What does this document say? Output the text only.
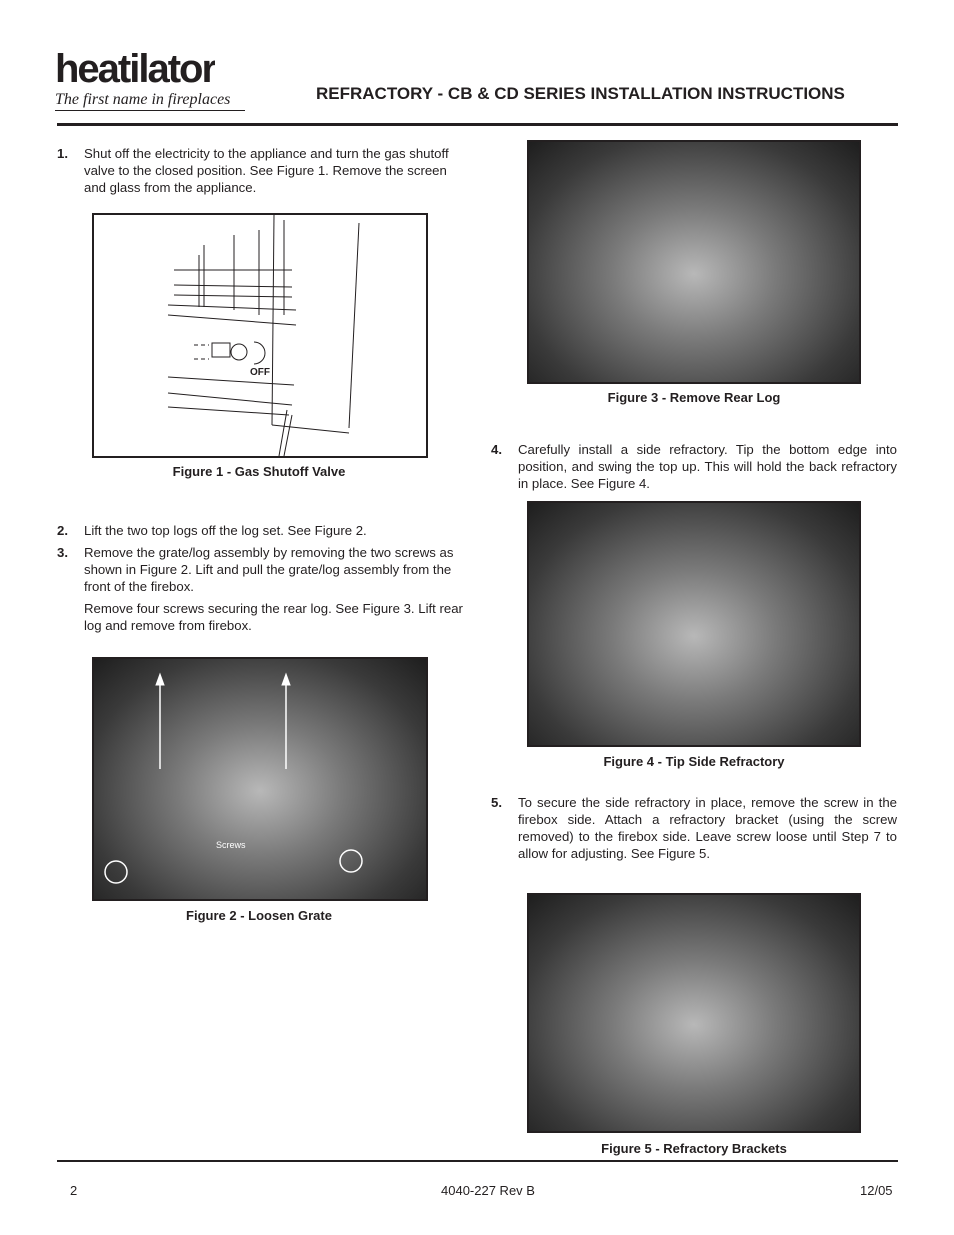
heatilator
The first name in fireplaces	REFRACTORY - CB & CD SERIES INSTALLATION INSTRUCTIONS
1. Shut off the electricity to the appliance and turn the gas shutoff valve to the closed position. See Figure 1. Remove the screen and glass from the appliance.
OFF
Figure 1 - Gas Shutoff Valve
2. Lift the two top logs off the log set. See Figure 2.
3. Remove the grate/log assembly by removing the two screws as shown in Figure 2. Lift and pull the grate/log assembly from the front of the firebox.
Remove four screws securing the rear log. See Figure 3. Lift rear log and remove from firebox.
Screws
Figure 2 - Loosen Grate
Figure 3 - Remove Rear Log
4. Carefully install a side refractory. Tip the bottom edge into position, and swing the top up. This will hold the back refractory in place. See Figure 4.
Figure 4 - Tip Side Refractory
5. To secure the side refractory in place, remove the screw in the firebox side. Attach a refractory bracket (using the screw removed) to the firebox side. Leave screw loose until Step 7 to allow for adjusting. See Figure 5.
Figure 5 - Refractory Brackets
2	4040-227 Rev B	12/05
